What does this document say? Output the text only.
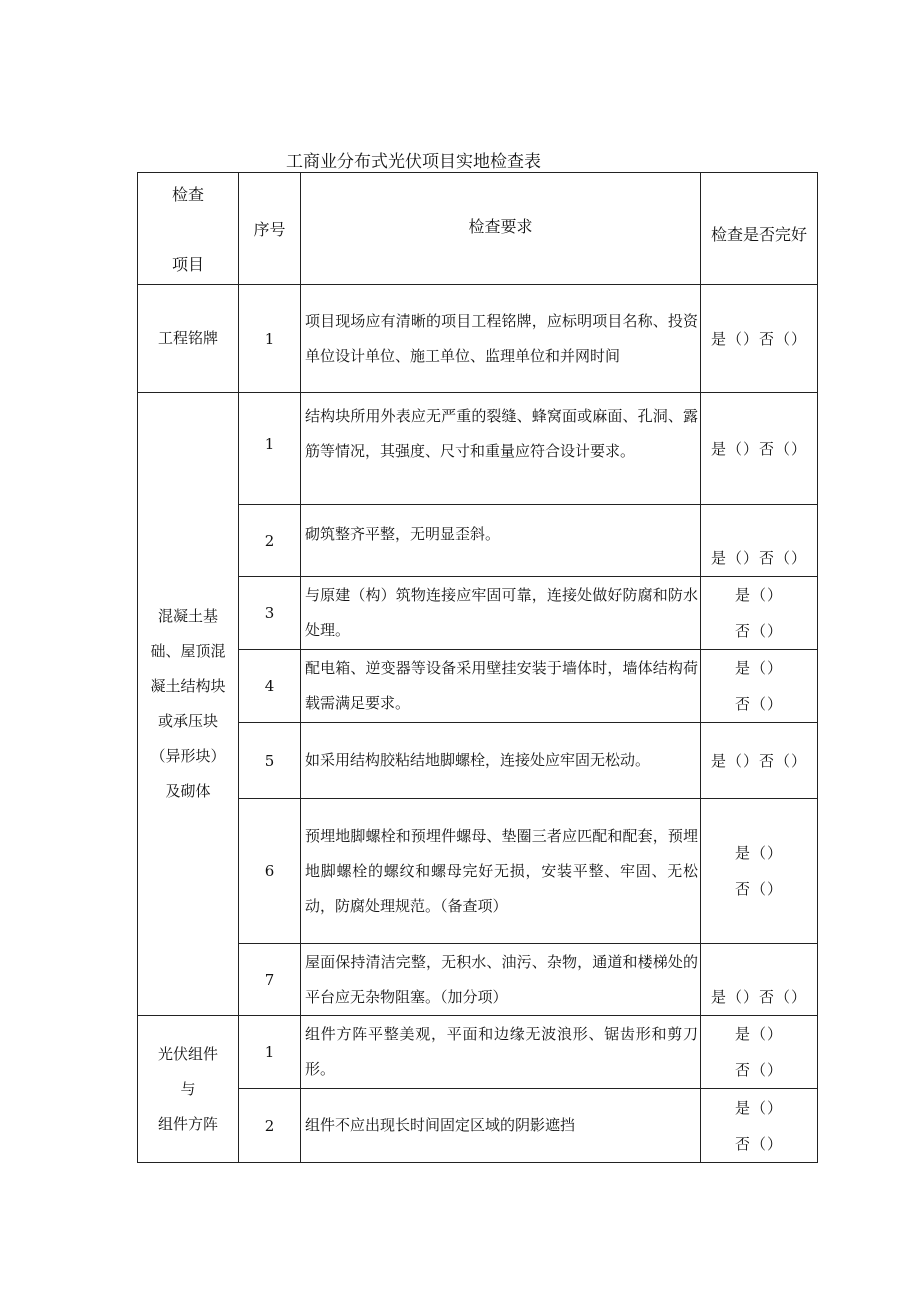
工商业分布式光伏项目实地检查表
检查
项目	序号	检查要求	检查是否完好
工程铭牌	1	项目现场应有清晰的项目工程铭牌，应标明项目名称、投资单位设计单位、施工单位、监理单位和并网时间	是（）否（）
混凝土基础、屋顶混凝土结构块或承压块（异形块）及砌体	1	结构块所用外表应无严重的裂缝、蜂窝面或麻面、孔洞、露筋等情况，其强度、尺寸和重量应符合设计要求。	是（）否（）
	2	砌筑整齐平整，无明显歪斜。	是（）否（）
	3	与原建（构）筑物连接应牢固可靠，连接处做好防腐和防水处理。	是（）
否（）

	4	配电箱、逆变器等设备采用壁挂安装于墙体时，墙体结构荷载需满足要求。	是（）
否（）

	5	如采用结构胶粘结地脚螺栓，连接处应牢固无松动。	是（）否（）
	6	预埋地脚螺栓和预埋件螺母、垫圈三者应匹配和配套，预埋地脚螺栓的螺纹和螺母完好无损，安装平整、牢固、无松动，防腐处理规范。（备查项）	是（）
否（）

	7	屋面保持清洁完整，无积水、油污、杂物，通道和楼梯处的平台应无杂物阻塞。（加分项）	是（）否（）

光伏组件
与
组件方阵	1	组件方阵平整美观，平面和边缘无波浪形、锯齿形和剪刀形。	是（）
否（）

	2	组件不应出现长时间固定区域的阴影遮挡	是（）
否（）
